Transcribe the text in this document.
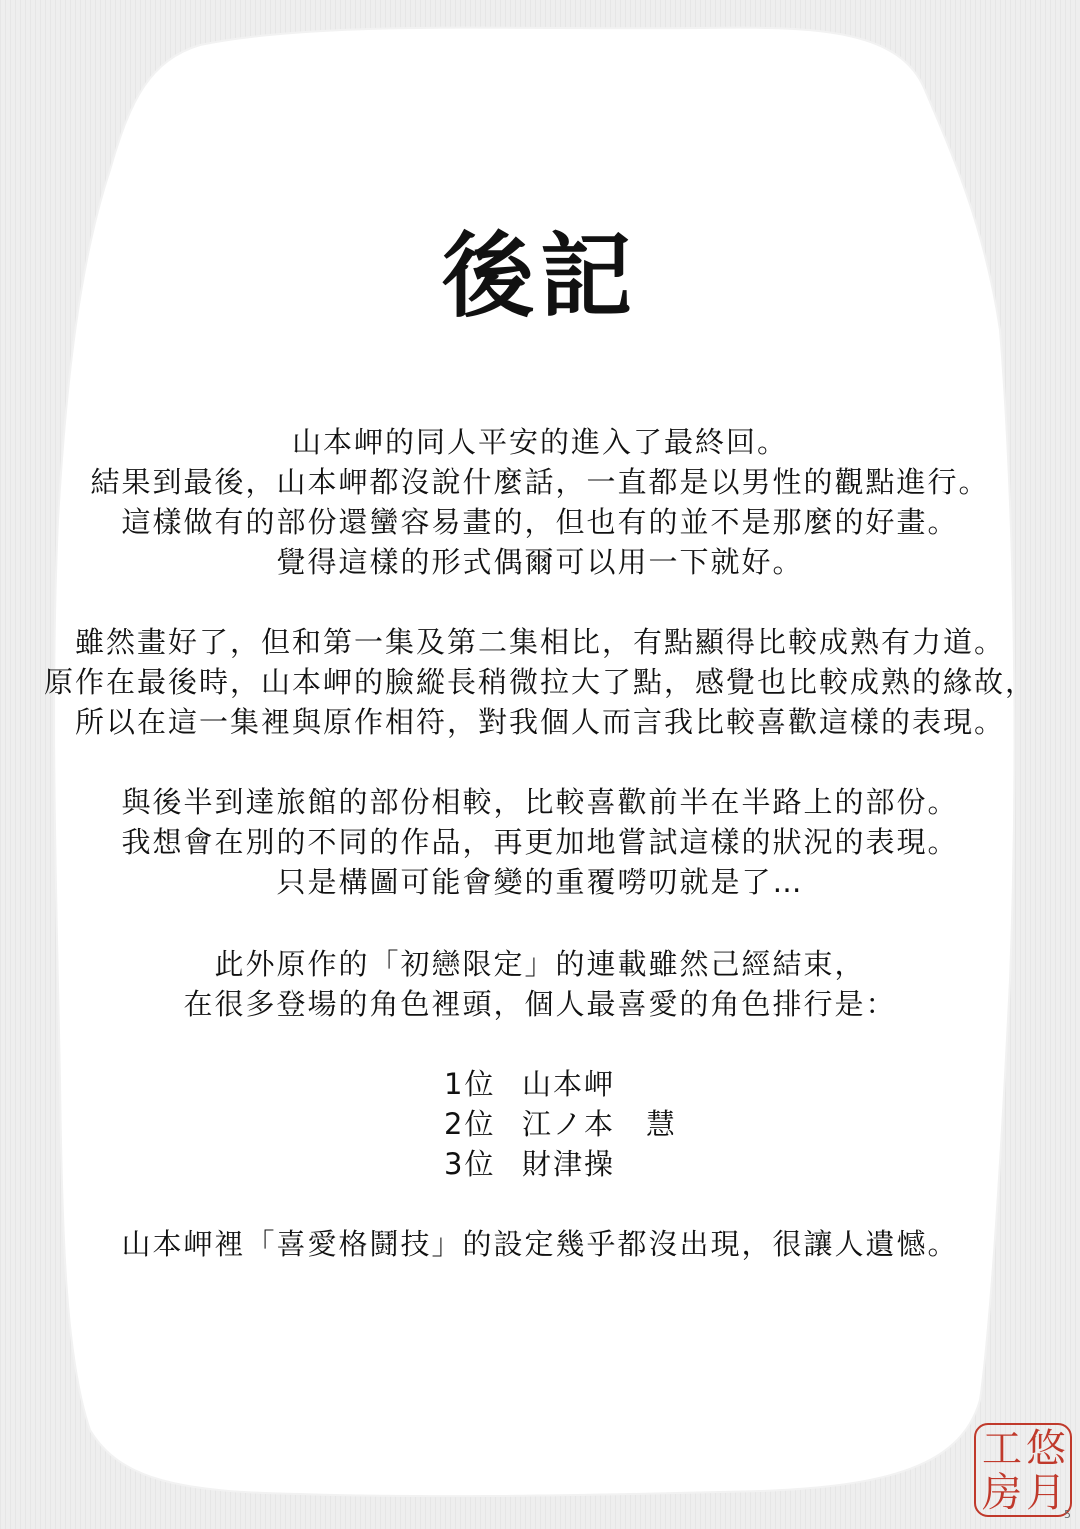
後記
山本岬的同人平安的進入了最終回。
結果到最後，山本岬都沒說什麼話，一直都是以男性的觀點進行。
這樣做有的部份還蠻容易畫的，但也有的並不是那麼的好畫。
覺得這樣的形式偶爾可以用一下就好。
雖然畫好了，但和第一集及第二集相比，有點顯得比較成熟有力道。
原作在最後時，山本岬的臉縱長稍微拉大了點，感覺也比較成熟的緣故，
所以在這一集裡與原作相符，對我個人而言我比較喜歡這樣的表現。
與後半到達旅館的部份相較，比較喜歡前半在半路上的部份。
我想會在別的不同的作品，再更加地嘗試這樣的狀況的表現。
只是構圖可能會變的重覆嘮叨就是了…
此外原作的「初戀限定」的連載雖然己經結束，
在很多登場的角色裡頭，個人最喜愛的角色排行是：
1位 山本岬
2位 江ノ本　慧
3位 財津操
山本岬裡「喜愛格鬪技」的設定幾乎都沒出現，很讓人遺憾。
悠
月
工
房	5
